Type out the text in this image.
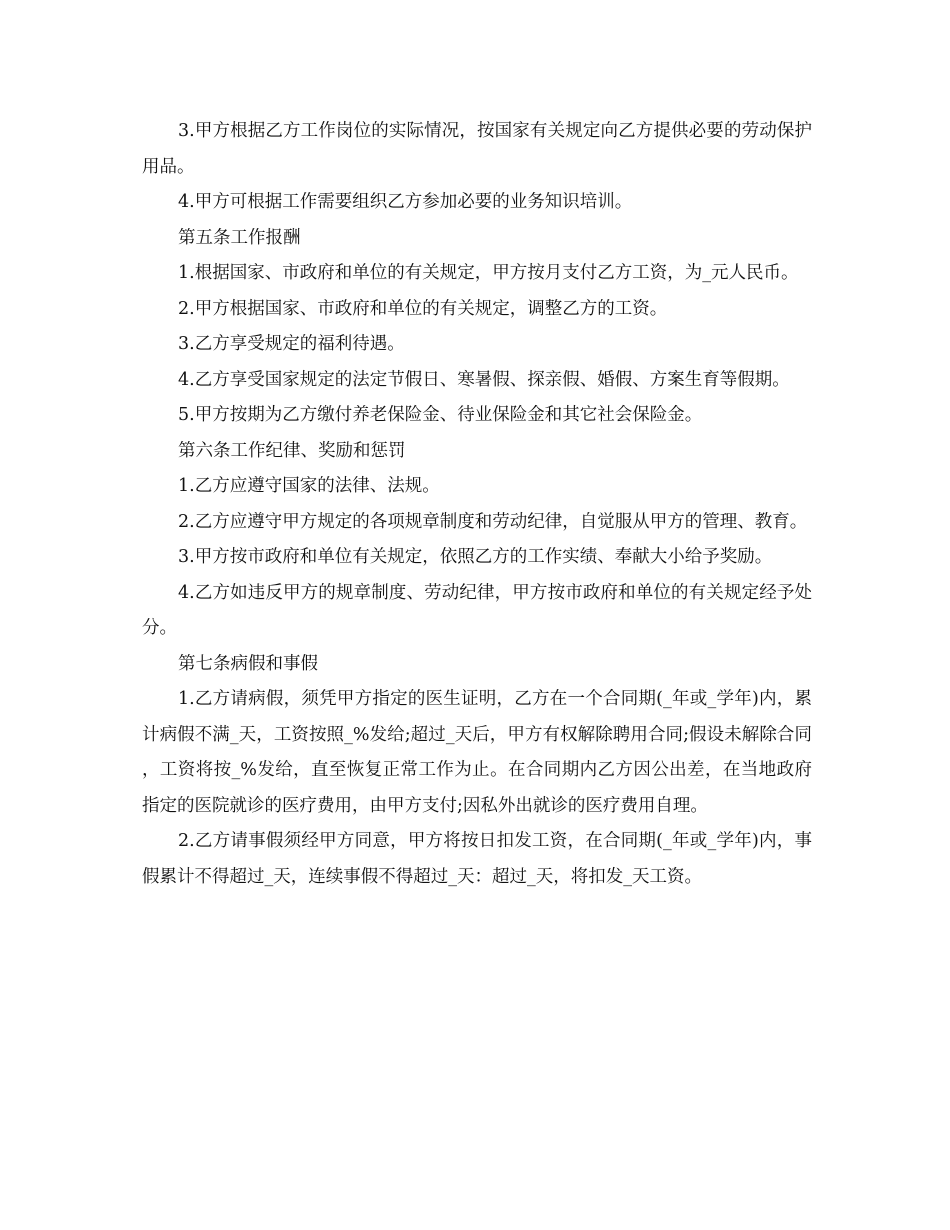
3.甲方根据乙方工作岗位的实际情况，按国家有关规定向乙方提供必要的劳动保护用品。

4.甲方可根据工作需要组织乙方参加必要的业务知识培训。

第五条工作报酬

1.根据国家、市政府和单位的有关规定，甲方按月支付乙方工资，为_元人民币。

2.甲方根据国家、市政府和单位的有关规定，调整乙方的工资。

3.乙方享受规定的福利待遇。

4.乙方享受国家规定的法定节假日、寒暑假、探亲假、婚假、方案生育等假期。

5.甲方按期为乙方缴付养老保险金、待业保险金和其它社会保险金。

第六条工作纪律、奖励和惩罚

1.乙方应遵守国家的法律、法规。

2.乙方应遵守甲方规定的各项规章制度和劳动纪律，自觉服从甲方的管理、教育。

3.甲方按市政府和单位有关规定，依照乙方的工作实绩、奉献大小给予奖励。

4.乙方如违反甲方的规章制度、劳动纪律，甲方按市政府和单位的有关规定经予处分。

第七条病假和事假

1.乙方请病假，须凭甲方指定的医生证明，乙方在一个合同期(_年或_学年)内，累计病假不满_天，工资按照_%发给;超过_天后，甲方有权解除聘用合同;假设未解除合同，工资将按_%发给，直至恢复正常工作为止。在合同期内乙方因公出差，在当地政府指定的医院就诊的医疗费用，由甲方支付;因私外出就诊的医疗费用自理。

2.乙方请事假须经甲方同意，甲方将按日扣发工资，在合同期(_年或_学年)内，事假累计不得超过_天，连续事假不得超过_天：超过_天，将扣发_天工资。
